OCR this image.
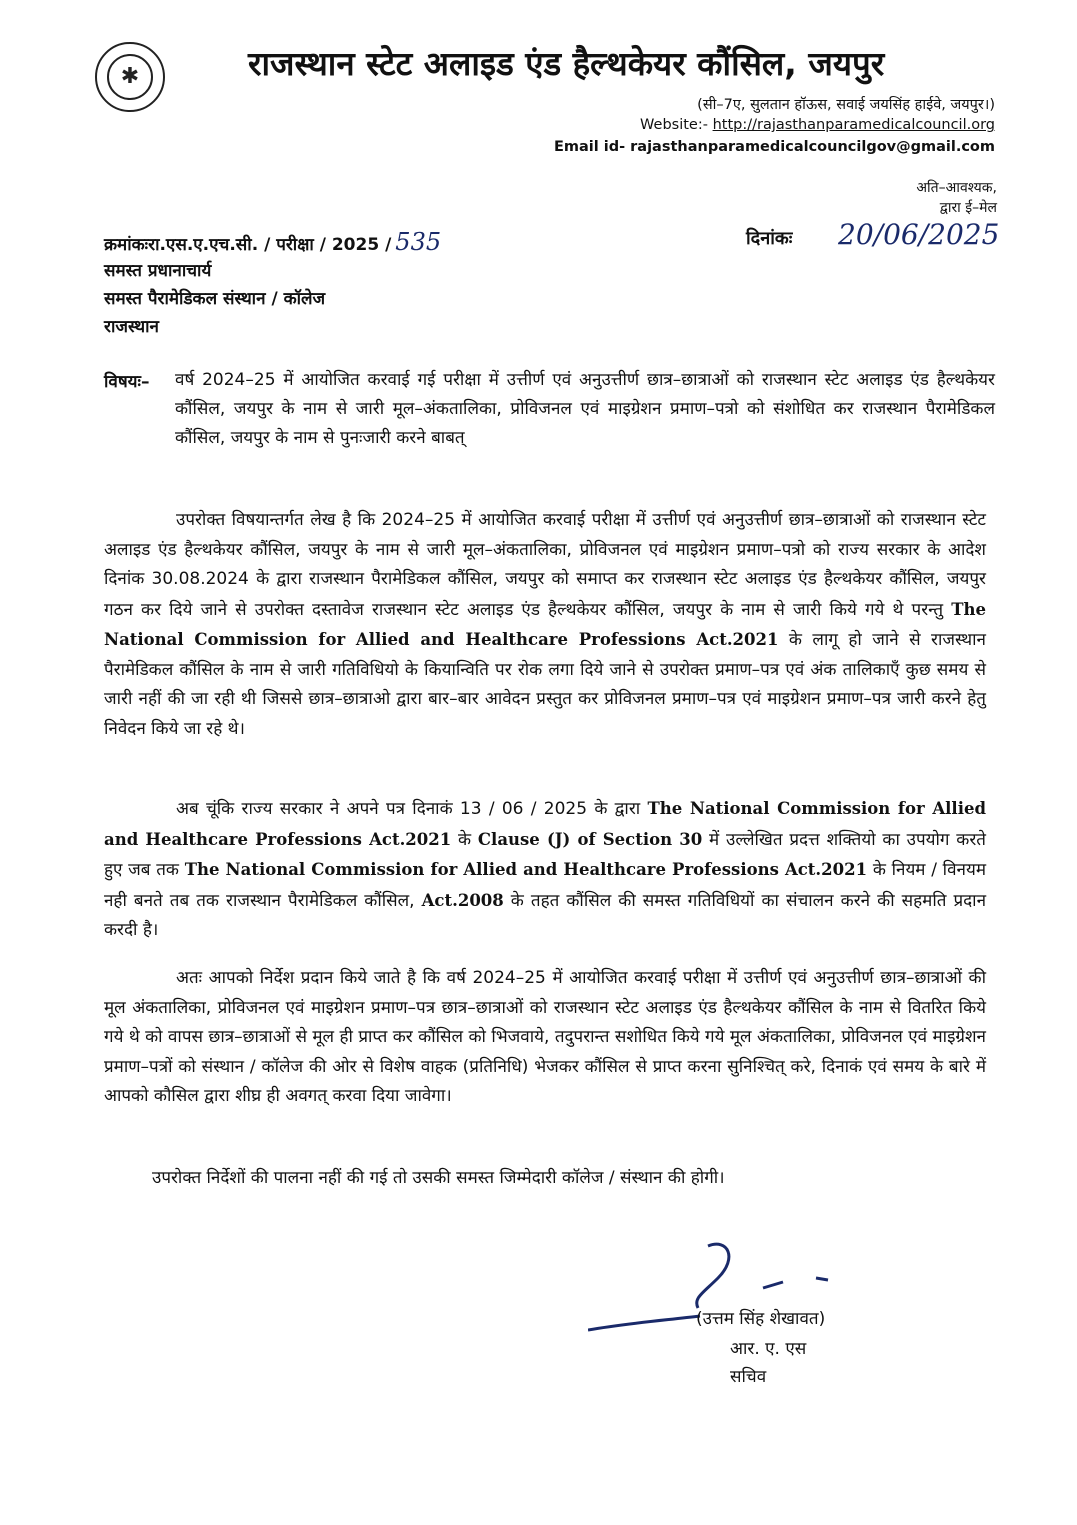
✱	राजस्थान स्टेट अलाइड एंड हैल्थकेयर कौंसिल, जयपुर
(सी–7ए, सुलतान हॉऊस, सवाई जयसिंह हाईवे, जयपुर।)
Website:- http://rajasthanparamedicalcouncil.org
Email id- rajasthanparamedicalcouncilgov@gmail.com
अति–आवश्यक,
द्वारा ई–मेल
क्रमांकःरा.एस.ए.एच.सी. / परीक्षा / 2025 / 535	दिनांकः 20/06/2025
समस्त प्रधानाचार्य
समस्त पैरामेडिकल संस्थान / कॉलेज
राजस्थान
विषयः– वर्ष 2024–25 में आयोजित करवाई गई परीक्षा में उत्तीर्ण एवं अनुउत्तीर्ण छात्र–छात्राओं को राजस्थान स्टेट अलाइड एंड हैल्थकेयर कौंसिल, जयपुर के नाम से जारी मूल–अंकतालिका, प्रोविजनल एवं माइग्रेशन प्रमाण–पत्रो को संशोधित कर राजस्थान पैरामेडिकल कौंसिल, जयपुर के नाम से पुनःजारी करने बाबत्
उपरोक्त विषयान्तर्गत लेख है कि 2024–25 में आयोजित करवाई परीक्षा में उत्तीर्ण एवं अनुउत्तीर्ण छात्र–छात्राओं को राजस्थान स्टेट अलाइड एंड हैल्थकेयर कौंसिल, जयपुर के नाम से जारी मूल–अंकतालिका, प्रोविजनल एवं माइग्रेशन प्रमाण–पत्रो को राज्य सरकार के आदेश दिनांक 30.08.2024 के द्वारा राजस्थान पैरामेडिकल कौंसिल, जयपुर को समाप्त कर राजस्थान स्टेट अलाइड एंड हैल्थकेयर कौंसिल, जयपुर गठन कर दिये जाने से उपरोक्त दस्तावेज राजस्थान स्टेट अलाइड एंड हैल्थकेयर कौंसिल, जयपुर के नाम से जारी किये गये थे परन्तु The National Commission for Allied and Healthcare Professions Act.2021 के लागू हो जाने से राजस्थान पैरामेडिकल कौंसिल के नाम से जारी गतिविधियो के कियान्विति पर रोक लगा दिये जाने से उपरोक्त प्रमाण–पत्र एवं अंक तालिकाएँ कुछ समय से जारी नहीं की जा रही थी जिससे छात्र–छात्राओ द्वारा बार–बार आवेदन प्रस्तुत कर प्रोविजनल प्रमाण–पत्र एवं माइग्रेशन प्रमाण–पत्र जारी करने हेतु निवेदन किये जा रहे थे।
अब चूंकि राज्य सरकार ने अपने पत्र दिनाकं 13 / 06 / 2025 के द्वारा The National Commission for Allied and Healthcare Professions Act.2021 के Clause (J) of Section 30 में उल्लेखित प्रदत्त शक्तियो का उपयोग करते हुए जब तक The National Commission for Allied and Healthcare Professions Act.2021 के नियम / विनयम नही बनते तब तक राजस्थान पैरामेडिकल कौंसिल, Act.2008 के तहत कौंसिल की समस्त गतिविधियों का संचालन करने की सहमति प्रदान करदी है।
अतः आपको निर्देश प्रदान किये जाते है कि वर्ष 2024–25 में आयोजित करवाई परीक्षा में उत्तीर्ण एवं अनुउत्तीर्ण छात्र–छात्राओं की मूल अंकतालिका, प्रोविजनल एवं माइग्रेशन प्रमाण–पत्र छात्र–छात्राओं को राजस्थान स्टेट अलाइड एंड हैल्थकेयर कौंसिल के नाम से वितरित किये गये थे को वापस छात्र–छात्राओं से मूल ही प्राप्त कर कौंसिल को भिजवाये, तदुपरान्त सशोधित किये गये मूल अंकतालिका, प्रोविजनल एवं माइग्रेशन प्रमाण–पत्रों को संस्थान / कॉलेज की ओर से विशेष वाहक (प्रतिनिधि) भेजकर कौंसिल से प्राप्त करना सुनिश्चित् करे, दिनाकं एवं समय के बारे में आपको कौसिल द्वारा शीघ्र ही अवगत् करवा दिया जावेगा।
उपरोक्त निर्देशों की पालना नहीं की गई तो उसकी समस्त जिम्मेदारी कॉलेज / संस्थान की होगी।
(उत्तम सिंह शेखावत)
आर. ए. एस
सचिव
